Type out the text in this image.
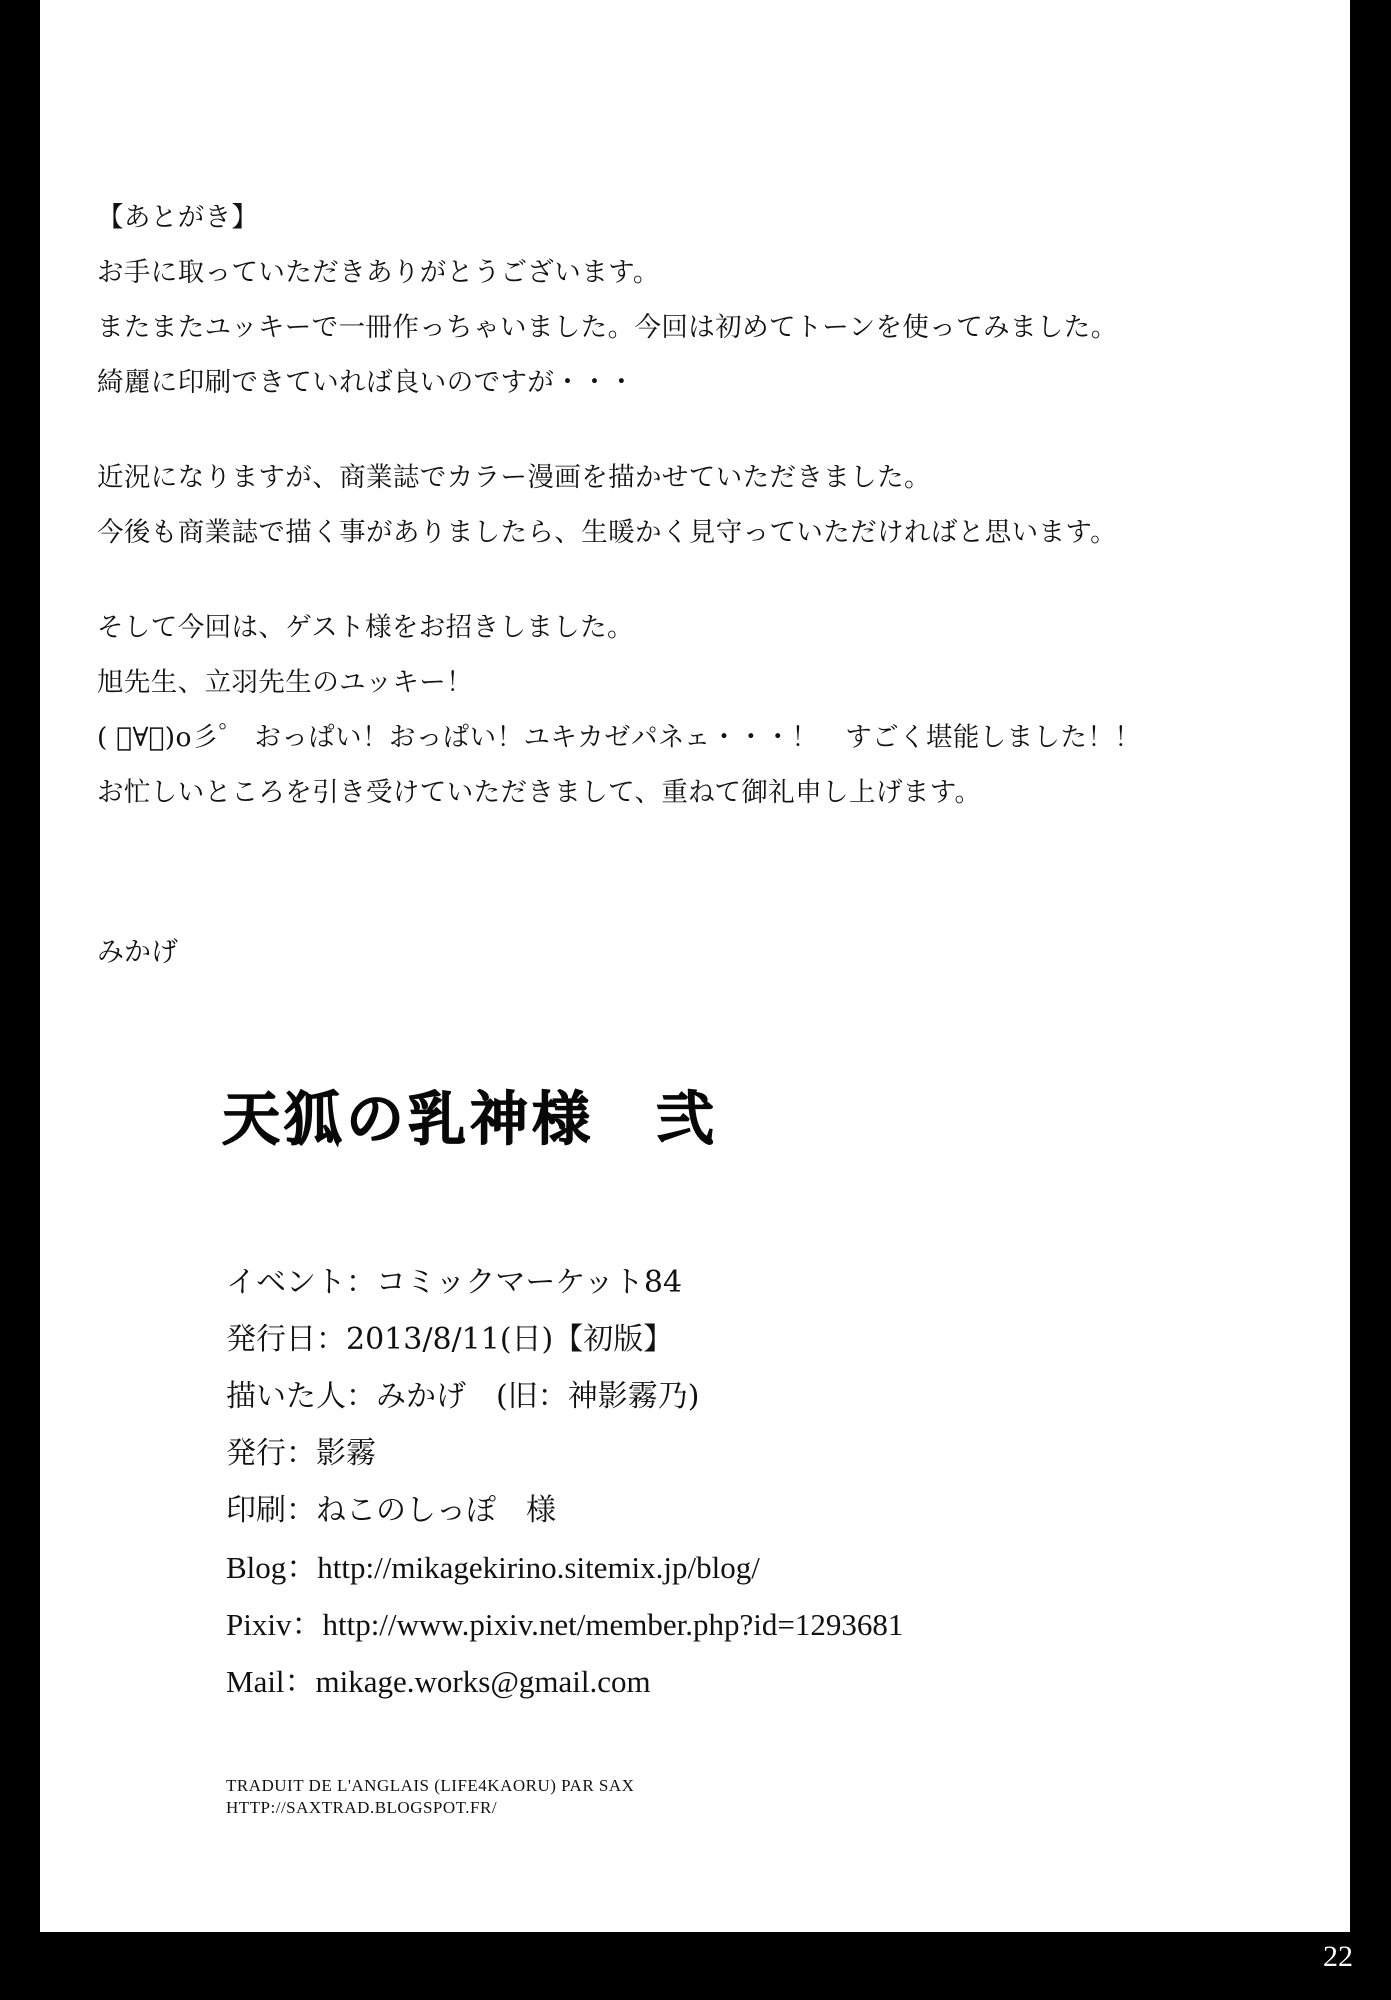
【あとがき】
お手に取っていただきありがとうございます。
またまたユッキーで一冊作っちゃいました。今回は初めてトーンを使ってみました。
綺麗に印刷できていれば良いのですが・・・
近況になりますが、商業誌でカラー漫画を描かせていただきました。
今後も商業誌で描く事がありましたら、生暖かく見守っていただければと思います。
そして今回は、ゲスト様をお招きしました。
旭先生、立羽先生のユッキー！
( ﾟ∀ﾟ)o彡゜ おっぱい！おっぱい！ユキカゼパネェ・・・！　すごく堪能しました！！
お忙しいところを引き受けていただきまして、重ねて御礼申し上げます。
みかげ
天狐の乳神様　弐
イベント：コミックマーケット84
発行日：2013/8/11(日)【初版】
描いた人：みかげ　(旧：神影霧乃)
発行：影霧
印刷：ねこのしっぽ　様
Blog：http://mikagekirino.sitemix.jp/blog/
Pixiv：http://www.pixiv.net/member.php?id=1293681
Mail：mikage.works@gmail.com
TRADUIT DE L'ANGLAIS (LIFE4KAORU) PAR SAX
HTTP://SAXTRAD.BLOGSPOT.FR/
22
